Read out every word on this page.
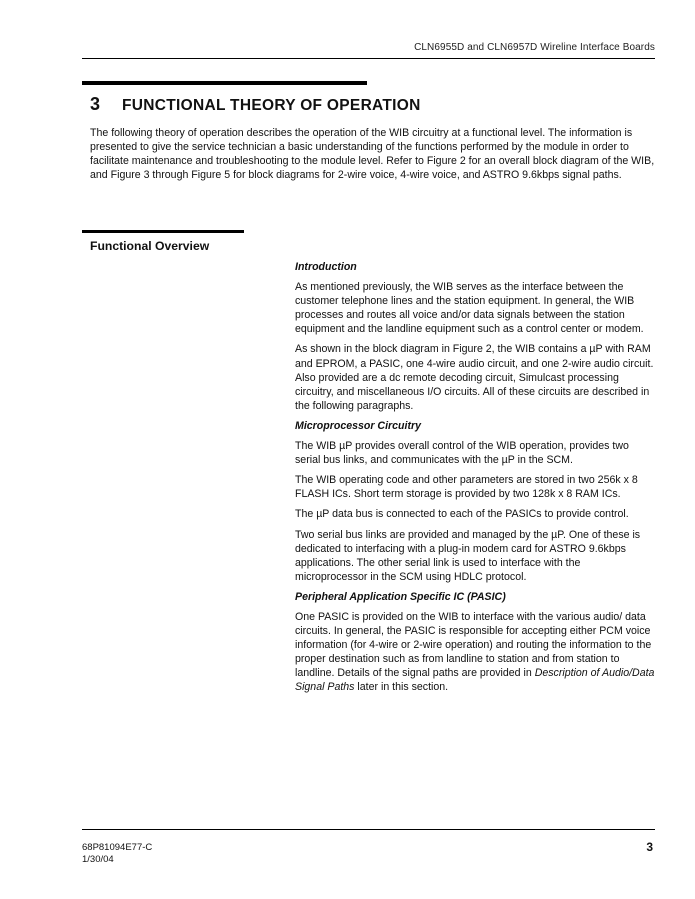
CLN6955D and CLN6957D Wireline Interface Boards
3 FUNCTIONAL THEORY OF OPERATION

The following theory of operation describes the operation of the WIB circuitry at a functional level. The information is presented to give the service technician a basic understanding of the functions performed by the module in order to facilitate maintenance and troubleshooting to the module level. Refer to Figure 2 for an overall block diagram of the WIB, and Figure 3 through Figure 5 for block diagrams for 2-wire voice, 4-wire voice, and ASTRO 9.6kbps signal paths.

Functional Overview
Introduction

As mentioned previously, the WIB serves as the interface between the customer telephone lines and the station equipment. In general, the WIB processes and routes all voice and/or data signals between the station equipment and the landline equipment such as a control center or modem.

As shown in the block diagram in Figure 2, the WIB contains a µP with RAM and EPROM, a PASIC, one 4-wire audio circuit, and one 2-wire audio circuit. Also provided are a dc remote decoding circuit, Simulcast processing circuitry, and miscellaneous I/O circuits. All of these circuits are described in the following paragraphs.

Microprocessor Circuitry

The WIB µP provides overall control of the WIB operation, provides two serial bus links, and communicates with the µP in the SCM.

The WIB operating code and other parameters are stored in two 256k x 8 FLASH ICs. Short term storage is provided by two 128k x 8 RAM ICs.

The µP data bus is connected to each of the PASICs to provide control.

Two serial bus links are provided and managed by the µP. One of these is dedicated to interfacing with a plug-in modem card for ASTRO 9.6kbps applications. The other serial link is used to interface with the microprocessor in the SCM using HDLC protocol.

Peripheral Application Specific IC (PASIC)

One PASIC is provided on the WIB to interface with the various audio/ data circuits. In general, the PASIC is responsible for accepting either PCM voice information (for 4-wire or 2-wire operation) and routing the information to the proper destination such as from landline to station and from station to landline. Details of the signal paths are provided in Description of Audio/Data Signal Paths later in this section.

68P81094E77-C
1/30/04
3
